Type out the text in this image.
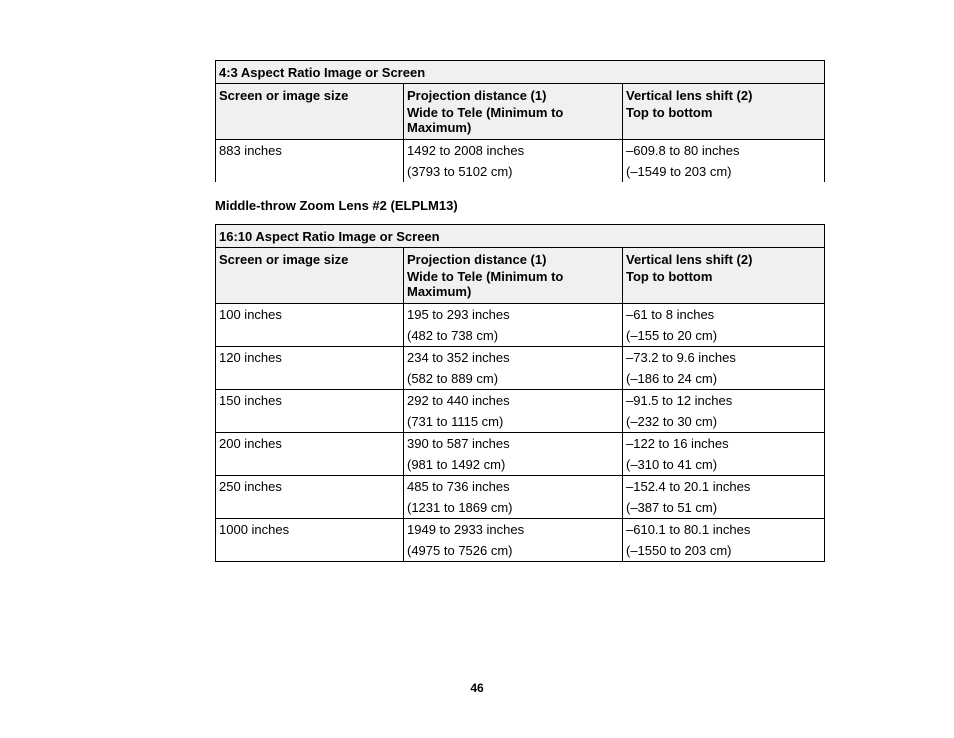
4:3 Aspect Ratio Image or Screen		
Screen or image size	Projection distance (1)	Vertical lens shift (2)
	Wide to Tele (Minimum to Maximum)	Top to bottom
883 inches	1492 to 2008 inches	–609.8 to 80 inches
	(3793 to 5102 cm)	(–1549 to 203 cm)
Middle-throw Zoom Lens #2 (ELPLM13)
16:10 Aspect Ratio Image or Screen		
Screen or image size	Projection distance (1)	Vertical lens shift (2)
	Wide to Tele (Minimum to Maximum)	Top to bottom
100 inches	195 to 293 inches	–61 to 8 inches
	(482 to 738 cm)	(–155 to 20 cm)
120 inches	234 to 352 inches	–73.2 to 9.6 inches
	(582 to 889 cm)	(–186 to 24 cm)
150 inches	292 to 440 inches	–91.5 to 12 inches
	(731 to 1115 cm)	(–232 to 30 cm)
200 inches	390 to 587 inches	–122 to 16 inches
	(981 to 1492 cm)	(–310 to 41 cm)
250 inches	485 to 736 inches	–152.4 to 20.1 inches
	(1231 to 1869 cm)	(–387 to 51 cm)
1000 inches	1949 to 2933 inches	–610.1 to 80.1 inches
	(4975 to 7526 cm)	(–1550 to 203 cm)
46
